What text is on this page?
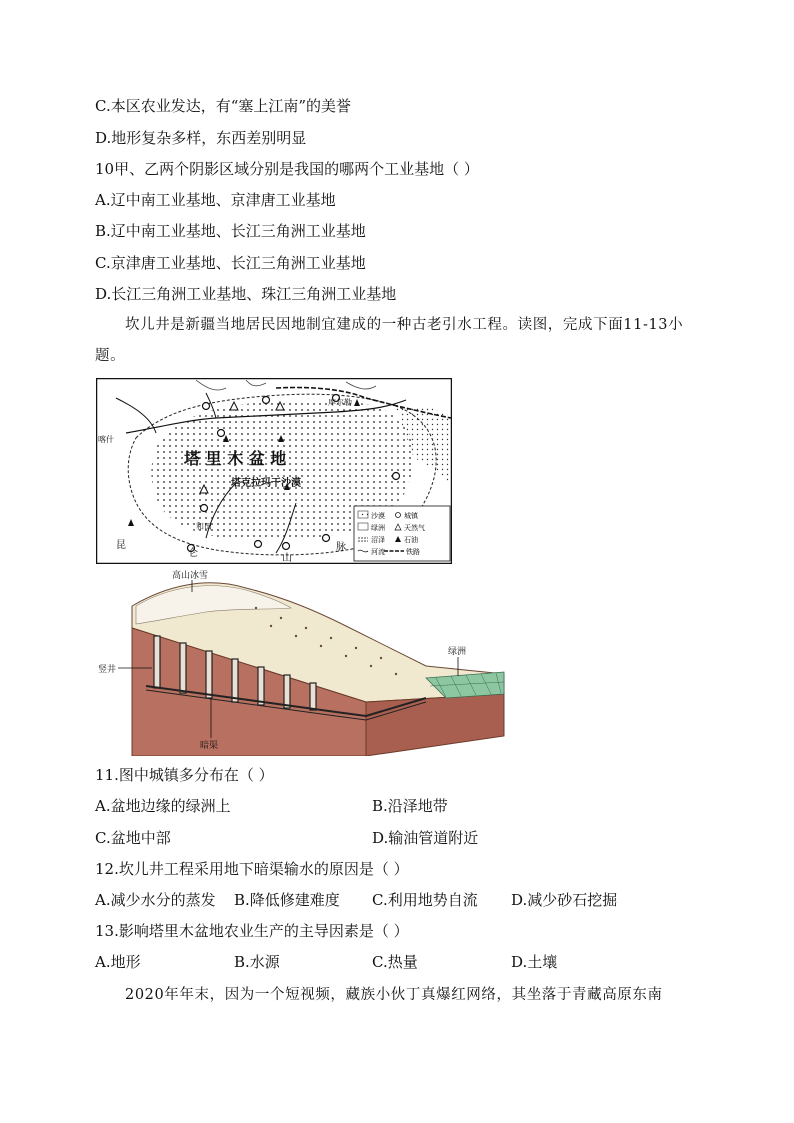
C.本区农业发达，有“塞上江南”的美誉
D.地形复杂多样，东西差别明显
10甲、乙两个阴影区域分别是我国的哪两个工业基地（ ）
A.辽中南工业基地、京津唐工业基地
B.辽中南工业基地、长江三角洲工业基地
C.京津唐工业基地、长江三角洲工业基地
D.长江三角洲工业基地、珠江三角洲工业基地
坎儿井是新疆当地居民因地制宜建成的一种古老引水工程。读图，完成下面11-13小题。
塔 里 木 盆 地
塔克拉玛干沙漠
喀什
库尔勒
和田
昆
仑	山
脉
沙漠
绿洲
沼泽
河流
城镇
天然气
石油
铁路
高山冰雪
竖井
暗渠
绿洲
11.图中城镇多分布在（ ）
A.盆地边缘的绿洲上	B.沿泽地带
C.盆地中部	D.输油管道附近
12.坎儿井工程采用地下暗渠输水的原因是（ ）
A.减少水分的蒸发 B.降低修建难度 C.利用地势自流 D.减少砂石挖掘
13.影响塔里木盆地农业生产的主导因素是（ ）
A.地形	B.水源	C.热量	D.土壤
2020年年末，因为一个短视频，藏族小伙丁真爆红网络，其坐落于青藏高原东南
